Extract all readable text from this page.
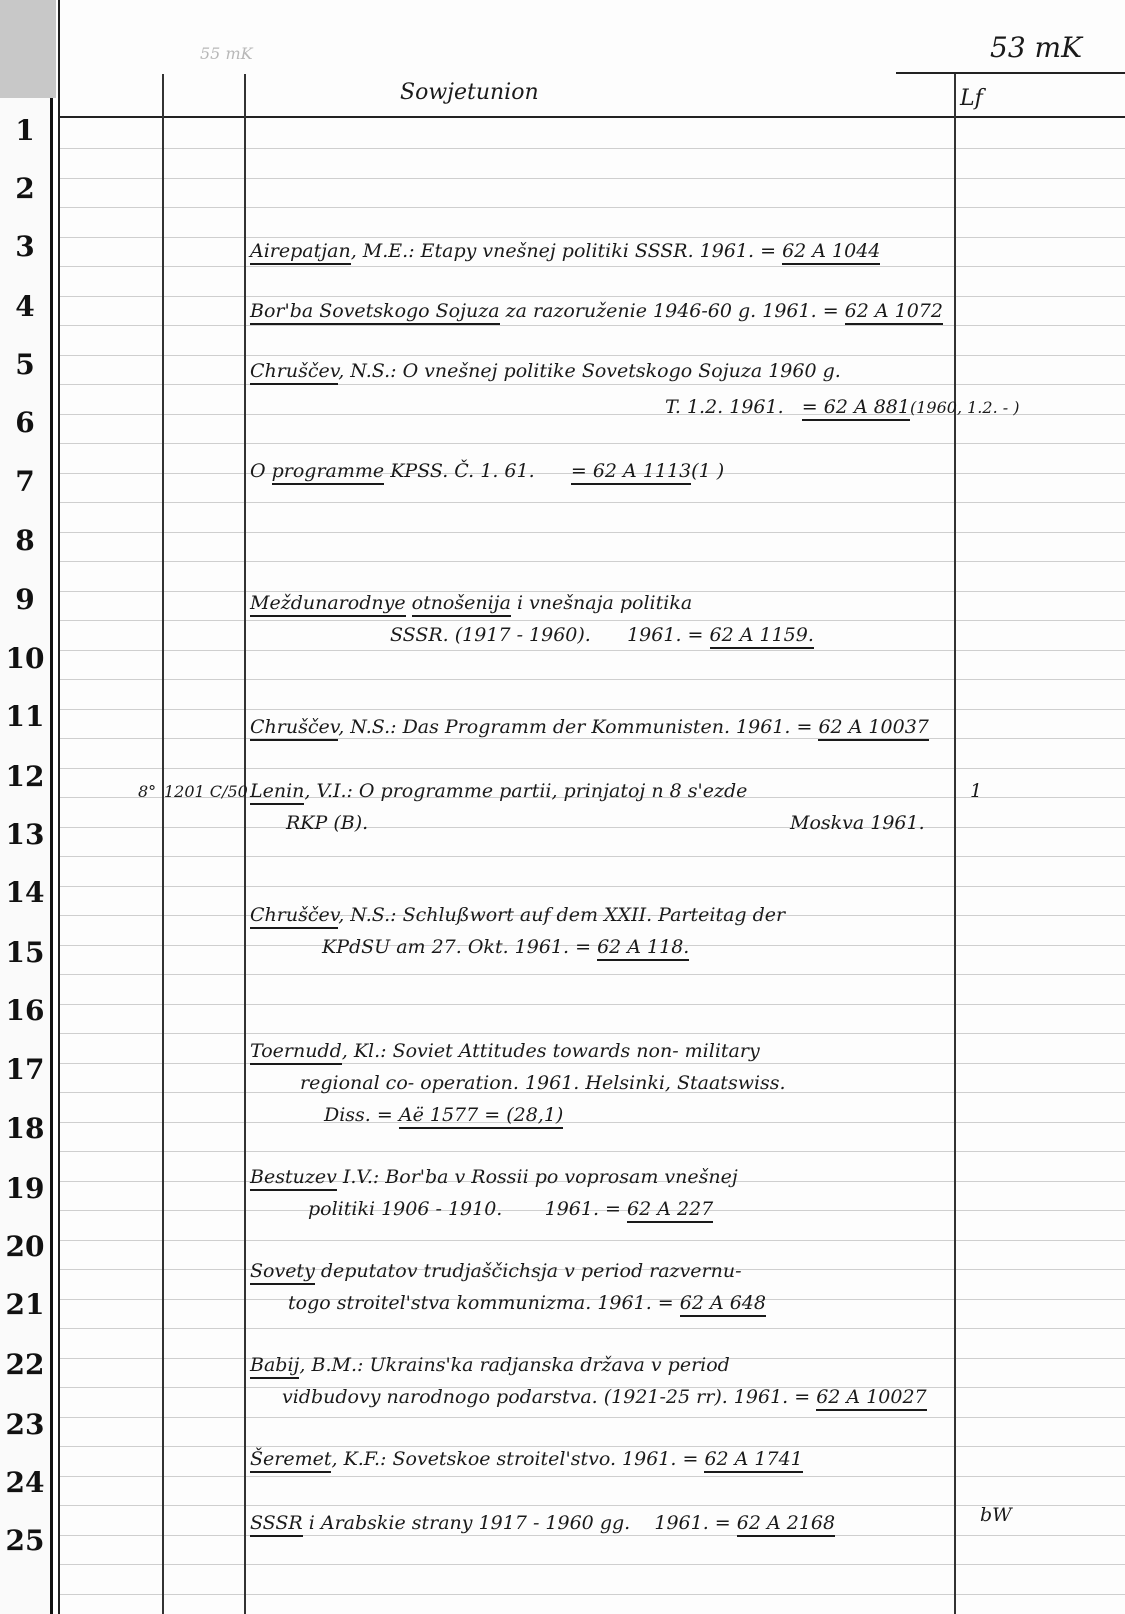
1
2
3
4
5
6
7
8
9
10
11
12
13
14
15
16
17
18
19
20
21
22
23
24
25
55 mK
Sowjetunion
53 mK
Lf
Airepatjan, M.E.: Etapy vnešnej politiki SSSR. 1961. = 62 A 1044
Bor'ba Sovetskogo Sojuza za razoruženie 1946-60 g. 1961. = 62 A 1072
Chruščev, N.S.: O vnešnej politike Sovetskogo Sojuza 1960 g.
T. 1.2. 1961. = 62 A 881(1960, 1.2. - )
O programme KPSS. Č. 1. 61. = 62 A 1113(1 )
Meždunarodnye otnošenija i vnešnaja politika
SSSR. (1917 - 1960). 1961. = 62 A 1159.
Chruščev, N.S.: Das Programm der Kommunisten. 1961. = 62 A 10037
8° 1201 C/50 Lenin, V.I.: O programme partii, prinjatoj n 8 s'ezde	1
RKP (B).	Moskva 1961.
Chruščev, N.S.: Schlußwort auf dem XXII. Parteitag der
KPdSU am 27. Okt. 1961. = 62 A 118.
Toernudd, Kl.: Soviet Attitudes towards non- military
regional co- operation. 1961. Helsinki, Staatswiss.
Diss. = Aë 1577 = (28,1)
Bestuzev I.V.: Bor'ba v Rossii po voprosam vnešnej
politiki 1906 - 1910. 1961. = 62 A 227
Sovety deputatov trudjaščichsja v period razvernu-
togo stroitel'stva kommunizma. 1961. = 62 A 648
Babij, B.M.: Ukrains'ka radjanska država v period
vidbudovy narodnogo podarstva. (1921-25 rr). 1961. = 62 A 10027
Šeremet, K.F.: Sovetskoe stroitel'stvo. 1961. = 62 A 1741
SSSR i Arabskie strany 1917 - 1960 gg. 1961. = 62 A 2168	bW
